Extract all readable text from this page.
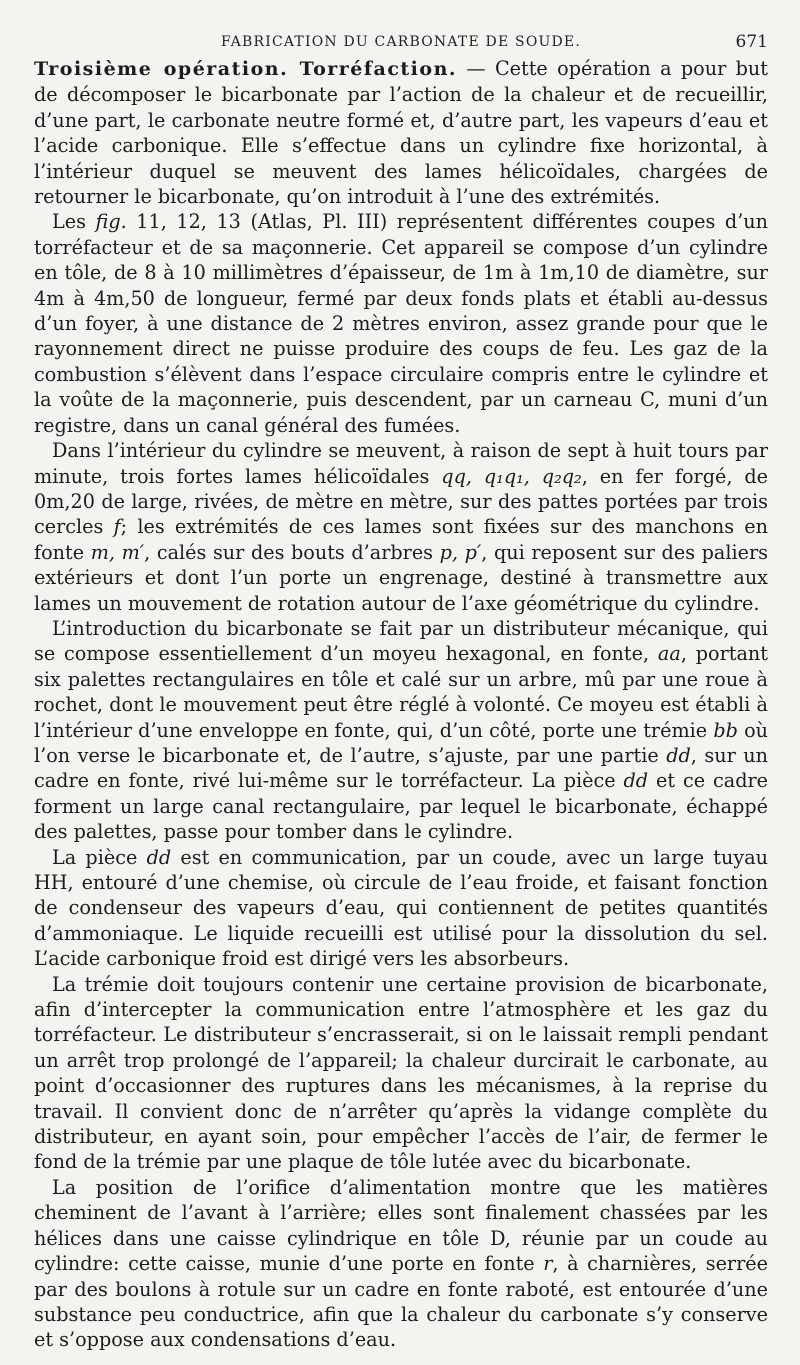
FABRICATION DU CARBONATE DE SOUDE.	671

Troisième opération. Torréfaction. — Cette opération a pour but de décomposer le bicarbonate par l’action de la chaleur et de recueillir, d’une part, le carbonate neutre formé et, d’autre part, les vapeurs d’eau et l’acide carbonique. Elle s’effectue dans un cylindre fixe horizontal, à l’intérieur duquel se meuvent des lames hélicoïdales, chargées de retourner le bicarbonate, qu’on introduit à l’une des extrémités.

Les fig. 11, 12, 13 (Atlas, Pl. III) représentent différentes coupes d’un torréfacteur et de sa maçonnerie. Cet appareil se compose d’un cylindre en tôle, de 8 à 10 millimètres d’épaisseur, de 1m à 1m,10 de diamètre, sur 4m à 4m,50 de longueur, fermé par deux fonds plats et établi au-dessus d’un foyer, à une distance de 2 mètres environ, assez grande pour que le rayonnement direct ne puisse produire des coups de feu. Les gaz de la combustion s’élèvent dans l’espace circulaire compris entre le cylindre et la voûte de la maçonnerie, puis descendent, par un carneau C, muni d’un registre, dans un canal général des fumées.

Dans l’intérieur du cylindre se meuvent, à raison de sept à huit tours par minute, trois fortes lames hélicoïdales qq, q₁q₁, q₂q₂, en fer forgé, de 0m,20 de large, rivées, de mètre en mètre, sur des pattes portées par trois cercles f; les extrémités de ces lames sont fixées sur des manchons en fonte m, m′, calés sur des bouts d’arbres p, p′, qui reposent sur des paliers extérieurs et dont l’un porte un engrenage, destiné à transmettre aux lames un mouvement de rotation autour de l’axe géométrique du cylindre.

L’introduction du bicarbonate se fait par un distributeur mécanique, qui se compose essentiellement d’un moyeu hexagonal, en fonte, aa, portant six palettes rectangulaires en tôle et calé sur un arbre, mû par une roue à rochet, dont le mouvement peut être réglé à volonté. Ce moyeu est établi à l’intérieur d’une enveloppe en fonte, qui, d’un côté, porte une trémie bb où l’on verse le bicarbonate et, de l’autre, s’ajuste, par une partie dd, sur un cadre en fonte, rivé lui-même sur le torréfacteur. La pièce dd et ce cadre forment un large canal rectangulaire, par lequel le bicarbonate, échappé des palettes, passe pour tomber dans le cylindre.

La pièce dd est en communication, par un coude, avec un large tuyau HH, entouré d’une chemise, où circule de l’eau froide, et faisant fonction de condenseur des vapeurs d’eau, qui contiennent de petites quantités d’ammoniaque. Le liquide recueilli est utilisé pour la dissolution du sel. L’acide carbonique froid est dirigé vers les absorbeurs.

La trémie doit toujours contenir une certaine provision de bicarbonate, afin d’intercepter la communication entre l’atmosphère et les gaz du torréfacteur. Le distributeur s’encrasserait, si on le laissait rempli pendant un arrêt trop prolongé de l’appareil; la chaleur durcirait le carbonate, au point d’occasionner des ruptures dans les mécanismes, à la reprise du travail. Il convient donc de n’arrêter qu’après la vidange complète du distributeur, en ayant soin, pour empêcher l’accès de l’air, de fermer le fond de la trémie par une plaque de tôle lutée avec du bicarbonate.

La position de l’orifice d’alimentation montre que les matières cheminent de l’avant à l’arrière; elles sont finalement chassées par les hélices dans une caisse cylindrique en tôle D, réunie par un coude au cylindre: cette caisse, munie d’une porte en fonte r, à charnières, serrée par des boulons à rotule sur un cadre en fonte raboté, est entourée d’une substance peu conductrice, afin que la chaleur du carbonate s’y conserve et s’oppose aux condensations d’eau.
